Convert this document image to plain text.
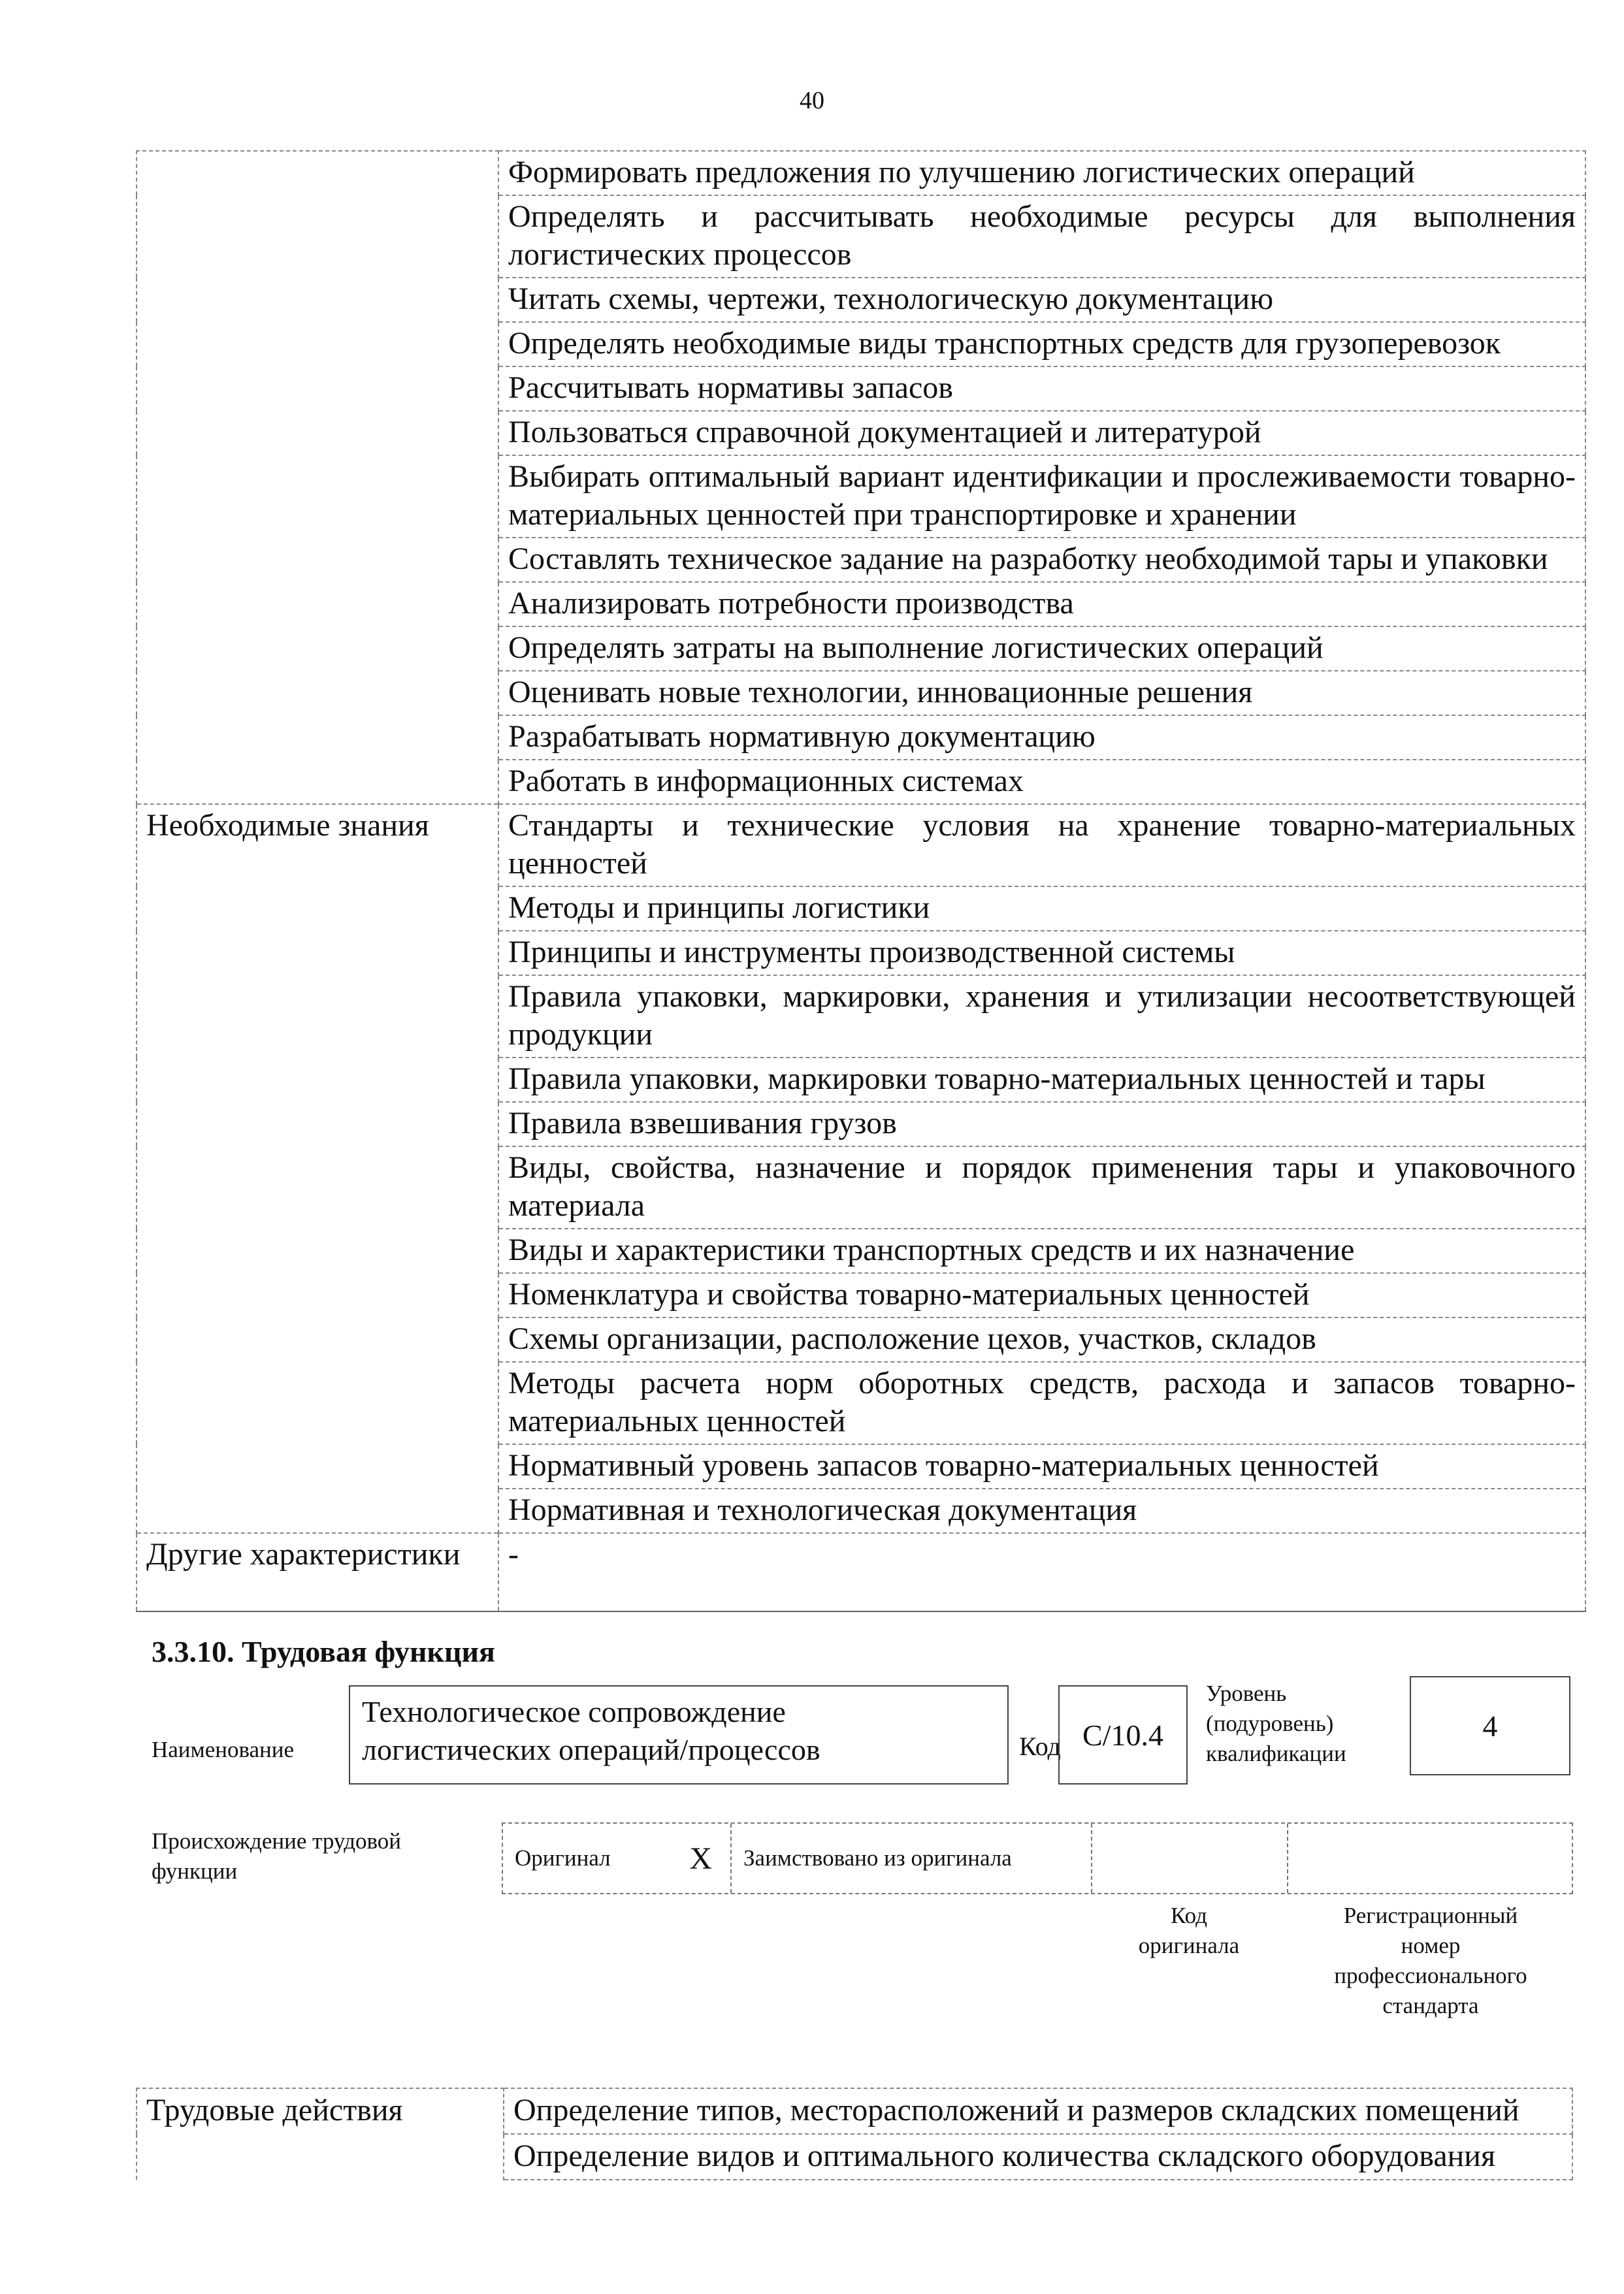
40
	Формировать предложения по улучшению логистических операций
	Определять и рассчитывать необходимые ресурсы для выполнения логистических процессов
	Читать схемы, чертежи, технологическую документацию
	Определять необходимые виды транспортных средств для грузоперевозок
	Рассчитывать нормативы запасов
	Пользоваться справочной документацией и литературой
	Выбирать оптимальный вариант идентификации и прослеживаемости товарно-материальных ценностей при транспортировке и хранении
	Составлять техническое задание на разработку необходимой тары и упаковки
	Анализировать потребности производства
	Определять затраты на выполнение логистических операций
	Оценивать новые технологии, инновационные решения
	Разрабатывать нормативную документацию
	Работать в информационных системах
Необходимые знания	Стандарты и технические условия на хранение товарно-материальных ценностей
	Методы и принципы логистики
	Принципы и инструменты производственной системы
	Правила упаковки, маркировки, хранения и утилизации несоответствующей продукции
	Правила упаковки, маркировки товарно-материальных ценностей и тары
	Правила взвешивания грузов
	Виды, свойства, назначение и порядок применения тары и упаковочного материала
	Виды и характеристики транспортных средств и их назначение
	Номенклатура и свойства товарно-материальных ценностей
	Схемы организации, расположение цехов, участков, складов
	Методы расчета норм оборотных средств, расхода и запасов товарно-материальных ценностей
	Нормативный уровень запасов товарно-материальных ценностей
	Нормативная и технологическая документация
Другие характеристики	-
3.3.10. Трудовая функция
Наименование
Технологическое сопровождение
логистических операций/процессов	Код C/10.4
Уровень
(подуровень)
квалификации
4
Происхождение трудовой
функции
Оригинал	X Заимствовано из оригинала
Код
оригинала
Регистрационный
номер
профессионального
стандарта
Трудовые действия	Определение типов, месторасположений и размеров складских помещений
	Определение видов и оптимального количества складского оборудования
